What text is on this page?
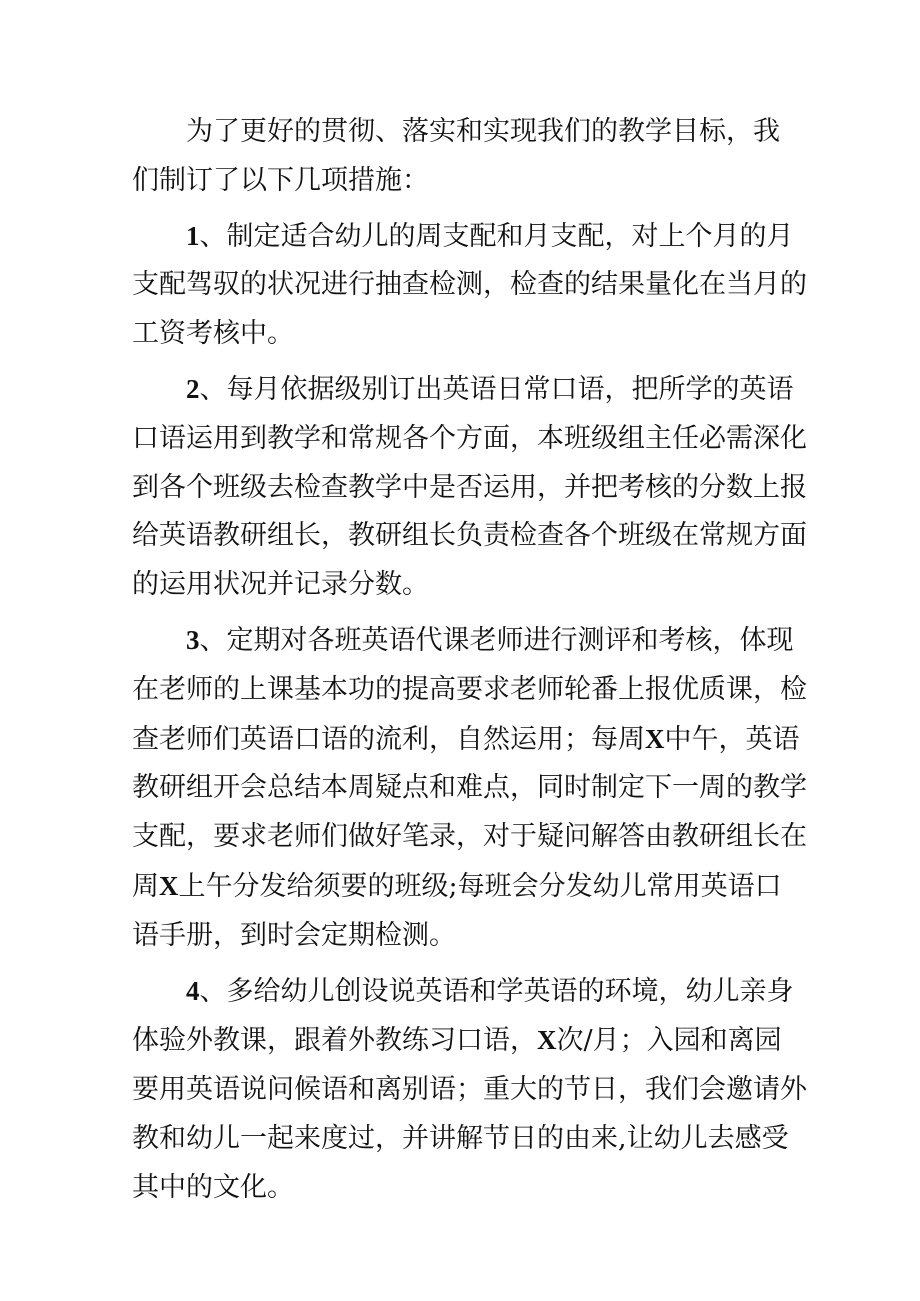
为了更好的贯彻、落实和实现我们的教学目标，我
们制订了以下几项措施：

1、制定适合幼儿的周支配和月支配，对上个月的月
支配驾驭的状况进行抽查检测，检查的结果量化在当月的
工资考核中。

2、每月依据级别订出英语日常口语，把所学的英语
口语运用到教学和常规各个方面，本班级组主任必需深化
到各个班级去检查教学中是否运用，并把考核的分数上报
给英语教研组长，教研组长负责检查各个班级在常规方面
的运用状况并记录分数。

3、定期对各班英语代课老师进行测评和考核，体现
在老师的上课基本功的提高要求老师轮番上报优质课，检
查老师们英语口语的流利，自然运用；每周X中午，英语
教研组开会总结本周疑点和难点，同时制定下一周的教学
支配，要求老师们做好笔录，对于疑问解答由教研组长在
周X上午分发给须要的班级;每班会分发幼儿常用英语口
语手册，到时会定期检测。

4、多给幼儿创设说英语和学英语的环境，幼儿亲身
体验外教课，跟着外教练习口语，X次/月；入园和离园
要用英语说问候语和离别语；重大的节日，我们会邀请外
教和幼儿一起来度过，并讲解节日的由来,让幼儿去感受
其中的文化。
